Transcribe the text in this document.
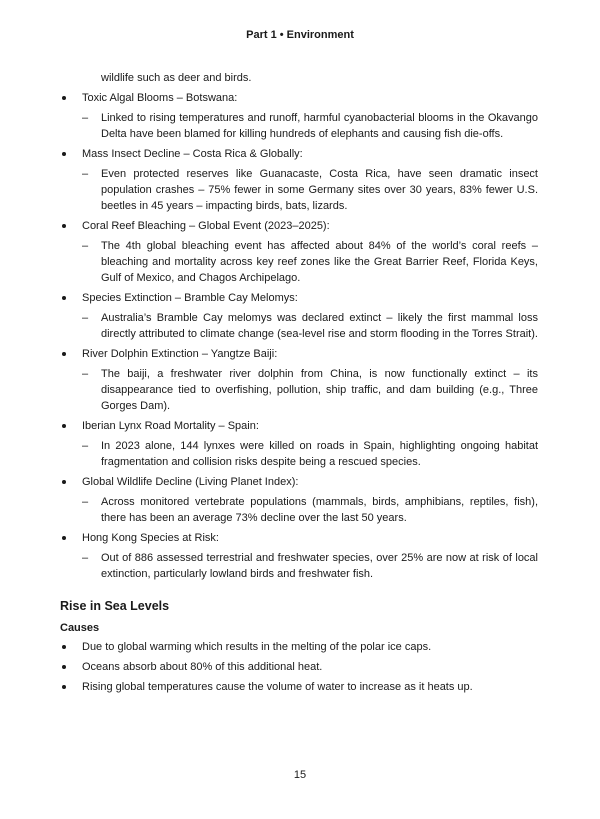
Part 1 • Environment
wildlife such as deer and birds.
Toxic Algal Blooms – Botswana:
– Linked to rising temperatures and runoff, harmful cyanobacterial blooms in the Okavango Delta have been blamed for killing hundreds of elephants and causing fish die-offs.
Mass Insect Decline – Costa Rica & Globally:
– Even protected reserves like Guanacaste, Costa Rica, have seen dramatic insect population crashes – 75% fewer in some Germany sites over 30 years, 83% fewer U.S. beetles in 45 years – impacting birds, bats, lizards.
Coral Reef Bleaching – Global Event (2023–2025):
– The 4th global bleaching event has affected about 84% of the world’s coral reefs – bleaching and mortality across key reef zones like the Great Barrier Reef, Florida Keys, Gulf of Mexico, and Chagos Archipelago.
Species Extinction – Bramble Cay Melomys:
– Australia’s Bramble Cay melomys was declared extinct – likely the first mammal loss directly attributed to climate change (sea-level rise and storm flooding in the Torres Strait).
River Dolphin Extinction – Yangtze Baiji:
– The baiji, a freshwater river dolphin from China, is now functionally extinct – its disappearance tied to overfishing, pollution, ship traffic, and dam building (e.g., Three Gorges Dam).
Iberian Lynx Road Mortality – Spain:
– In 2023 alone, 144 lynxes were killed on roads in Spain, highlighting ongoing habitat fragmentation and collision risks despite being a rescued species.
Global Wildlife Decline (Living Planet Index):
– Across monitored vertebrate populations (mammals, birds, amphibians, reptiles, fish), there has been an average 73% decline over the last 50 years.
Hong Kong Species at Risk:
– Out of 886 assessed terrestrial and freshwater species, over 25% are now at risk of local extinction, particularly lowland birds and freshwater fish.
Rise in Sea Levels
Causes
Due to global warming which results in the melting of the polar ice caps.
Oceans absorb about 80% of this additional heat.
Rising global temperatures cause the volume of water to increase as it heats up.
15
